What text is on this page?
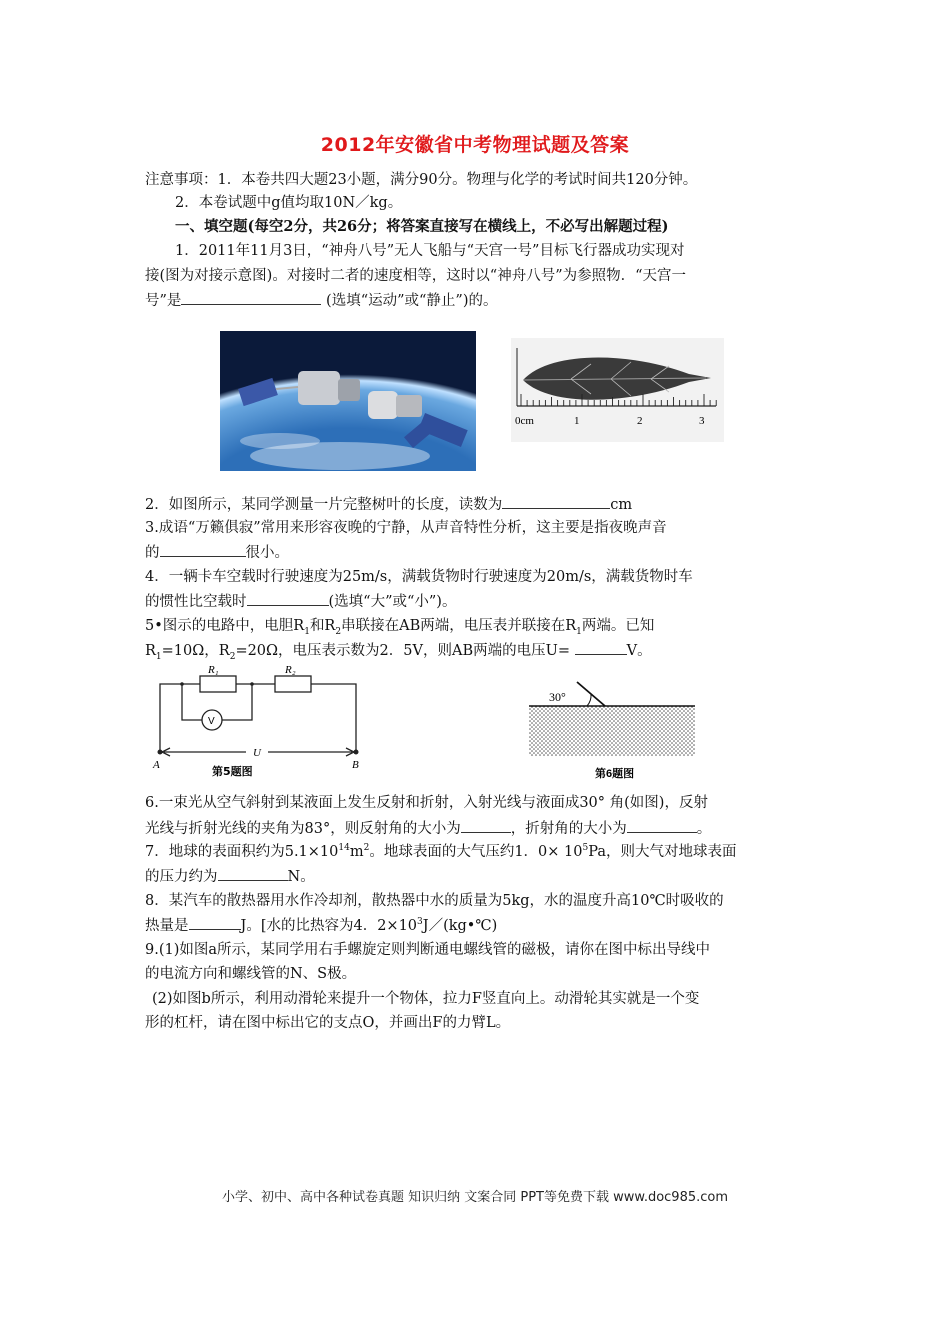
2012年安徽省中考物理试题及答案
注意事项：1．本卷共四大题23小题，满分90分。物理与化学的考试时间共120分钟。
2．本卷试题中g值均取10N／kg。
一、填空题(每空2分，共26分；将答案直接写在横线上，不必写出解题过程)
1．2011年11月3日，“神舟八号”无人飞船与“天宫一号”目标飞行器成功实现对
接(图为对接示意图)。对接时二者的速度相等，这时以“神舟八号”为参照物．“天宫一
号”是	(选填“运动”或“静止”)的。
0cm	1	2	3
2．如图所示，某同学测量一片完整树叶的长度，读数为	cm
3.成语“万籁俱寂”常用来形容夜晚的宁静，从声音特性分析，这主要是指夜晚声音
的	很小。
4．一辆卡车空载时行驶速度为25m/s，满载货物时行驶速度为20m/s，满载货物时车
的惯性比空载时	(选填“大”或“小”)。
5•图示的电路中，电胆$R_1$和$R_2$串联接在AB两端，电压表并联接在$R_1$两端。已知
$R_1=10\Omega$，$R_2=20\Omega$，电压表示数为2．5V，则AB两端的电压U=	V。
R₁	R₂
V
U
A	B
第5题图
30°
第6题图
6.一束光从空气斜射到某液面上发生反射和折射，入射光线与液面成30° 角(如图)，反射
光线与折射光线的夹角为83°，则反射角的大小为	，折射角的大小为	。
7．地球的表面积约为$5.1\times 10^{14}m^2$。地球表面的大气压约1．$0\times 10^5Pa$，则大气对地球表面
的压力约为	N。
8．某汽车的散热器用水作冷却剂，散热器中水的质量为5kg，水的温度升高10℃时吸收的
热量是	J。[水的比热容为4．$2\times 10^3J/(kg•℃)$
9.(1)如图a所示，某同学用右手螺旋定则判断通电螺线管的磁极，请你在图中标出导线中
的电流方向和螺线管的N、S极。
(2)如图b所示，利用动滑轮来提升一个物体，拉力F竖直向上。动滑轮其实就是一个变
形的杠杆，请在图中标出它的支点O，并画出F的力臂L。
小学、初中、高中各种试卷真题 知识归纳 文案合同 PPT等免费下载 www.doc985.com
